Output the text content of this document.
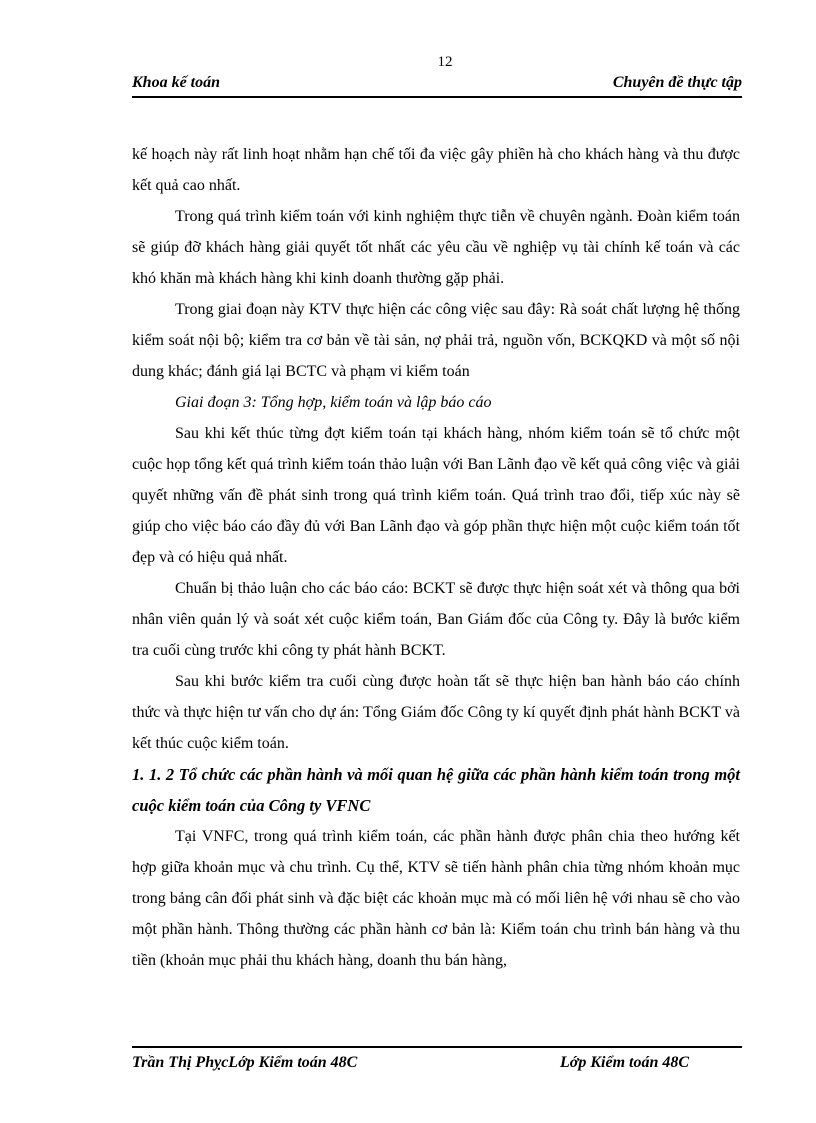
12
Khoa kế toán	Chuyên đề thực tập

kế hoạch này rất linh hoạt nhằm hạn chế tối đa việc gây phiền hà cho khách hàng và thu được kết quả cao nhất.

Trong quá trình kiểm toán với kinh nghiệm thực tiễn về chuyên ngành. Đoàn kiểm toán sẽ giúp đỡ khách hàng giải quyết tốt nhất các yêu cầu về nghiệp vụ tài chính kế toán và các khó khăn mà khách hàng khi kinh doanh thường gặp phải.

Trong giai đoạn này KTV thực hiện các công việc sau đây: Rà soát chất lượng hệ thống kiểm soát nội bộ; kiểm tra cơ bản về tài sản, nợ phải trả, nguồn vốn, BCKQKD và một số nội dung khác; đánh giá lại BCTC và phạm vi kiểm toán

Giai đoạn 3: Tổng hợp, kiểm toán và lập báo cáo

Sau khi kết thúc từng đợt kiểm toán tại khách hàng, nhóm kiểm toán sẽ tổ chức một cuộc họp tổng kết quá trình kiểm toán thảo luận với Ban Lãnh đạo về kết quả công việc và giải quyết những vấn đề phát sinh trong quá trình kiểm toán. Quá trình trao đổi, tiếp xúc này sẽ giúp cho việc báo cáo đầy đủ với Ban Lãnh đạo và góp phần thực hiện một cuộc kiểm toán tốt đẹp và có hiệu quả nhất.

Chuẩn bị thảo luận cho các báo cáo: BCKT sẽ được thực hiện soát xét và thông qua bởi nhân viên quản lý và soát xét cuộc kiểm toán, Ban Giám đốc của Công ty. Đây là bước kiểm tra cuối cùng trước khi công ty phát hành BCKT.

Sau khi bước kiểm tra cuối cùng được hoàn tất sẽ thực hiện ban hành báo cáo chính thức và thực hiện tư vấn cho dự án: Tổng Giám đốc Công ty kí quyết định phát hành BCKT và kết thúc cuộc kiểm toán.

1. 1. 2 Tổ chức các phần hành và mối quan hệ giữa các phần hành kiểm toán trong một cuộc kiểm toán của Công ty VFNC

Tại VNFC, trong quá trình kiểm toán, các phần hành được phân chia theo hướng kết hợp giữa khoản mục và chu trình. Cụ thể, KTV sẽ tiến hành phân chia từng nhóm khoản mục trong bảng cân đối phát sinh và đặc biệt các khoản mục mà có mối liên hệ với nhau sẽ cho vào một phần hành. Thông thường các phần hành cơ bản là: Kiểm toán chu trình bán hàng và thu tiền (khoản mục phải thu khách hàng, doanh thu bán hàng,

Trần Thị PhỵcLớp Kiểm toán 48C	Lớp Kiểm toán 48C
